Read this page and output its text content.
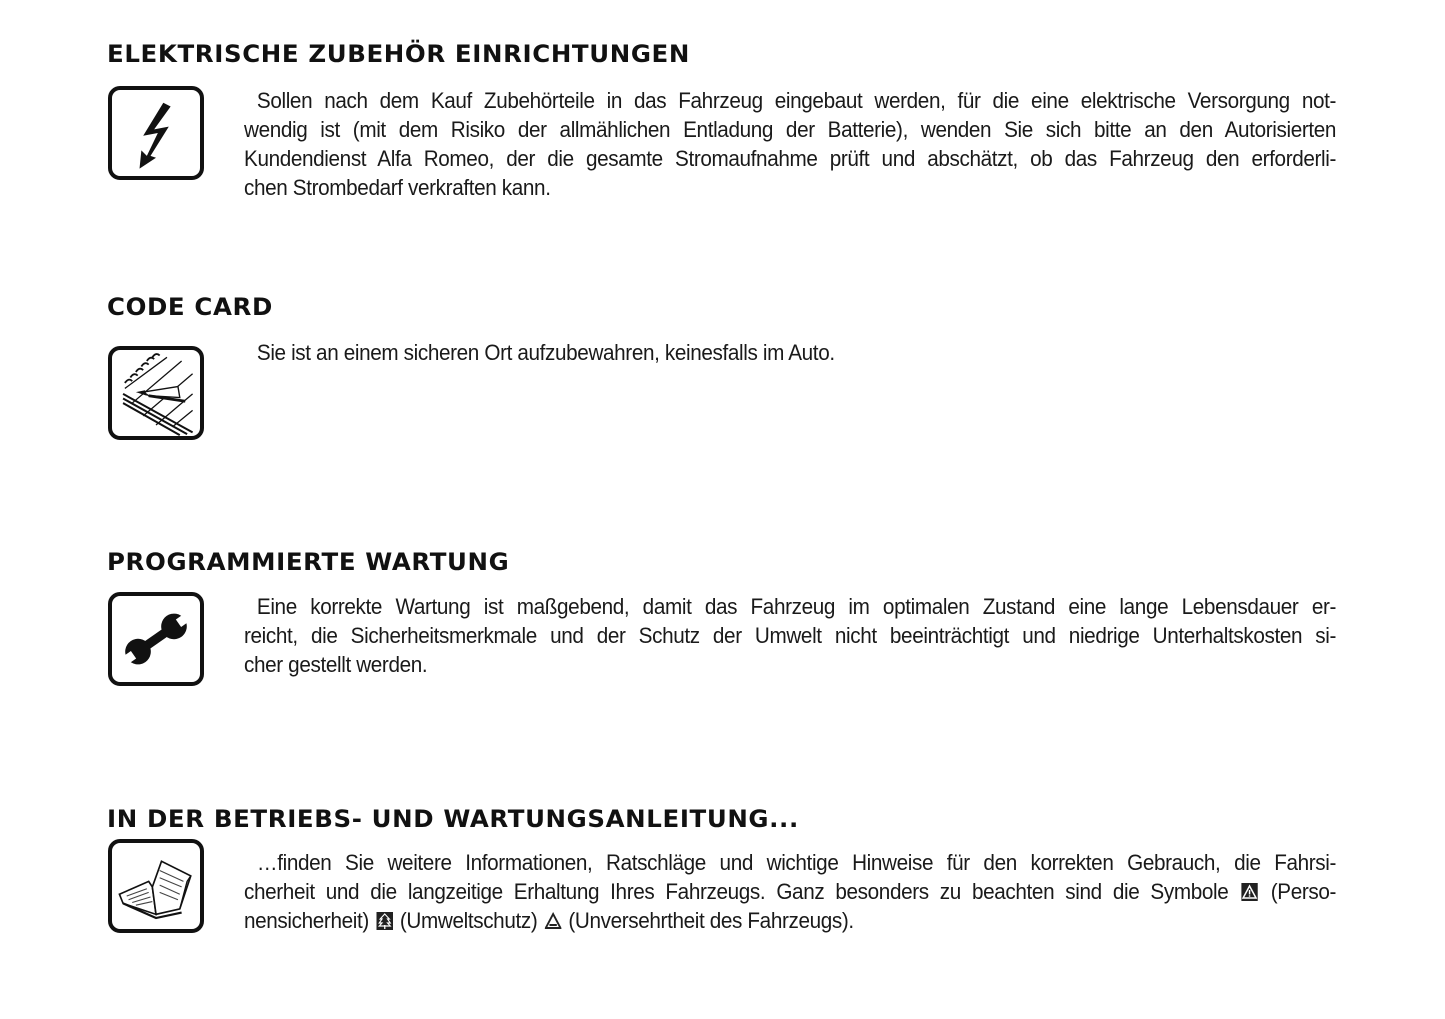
ELEKTRISCHE ZUBEHÖR EINRICHTUNGEN
Sollen nach dem Kauf Zubehörteile in das Fahrzeug eingebaut werden, für die eine elektrische Versorgung not-
wendig ist (mit dem Risiko der allmählichen Entladung der Batterie), wenden Sie sich bitte an den Autorisierten
Kundendienst Alfa Romeo, der die gesamte Stromaufnahme prüft und abschätzt, ob das Fahrzeug den erforderli-
chen Strombedarf verkraften kann.
CODE CARD
Sie ist an einem sicheren Ort aufzubewahren, keinesfalls im Auto.
PROGRAMMIERTE WARTUNG
Eine korrekte Wartung ist maßgebend, damit das Fahrzeug im optimalen Zustand eine lange Lebensdauer er-
reicht, die Sicherheitsmerkmale und der Schutz der Umwelt nicht beeinträchtigt und niedrige Unterhaltskosten si-
cher gestellt werden.
IN DER BETRIEBS- UND WARTUNGSANLEITUNG...
…finden Sie weitere Informationen, Ratschläge und wichtige Hinweise für den korrekten Gebrauch, die Fahrsi-
cherheit und die langzeitige Erhaltung Ihres Fahrzeugs. Ganz besonders zu beachten sind die Symbole (Perso-
nensicherheit) (Umweltschutz) (Unversehrtheit des Fahrzeugs).
